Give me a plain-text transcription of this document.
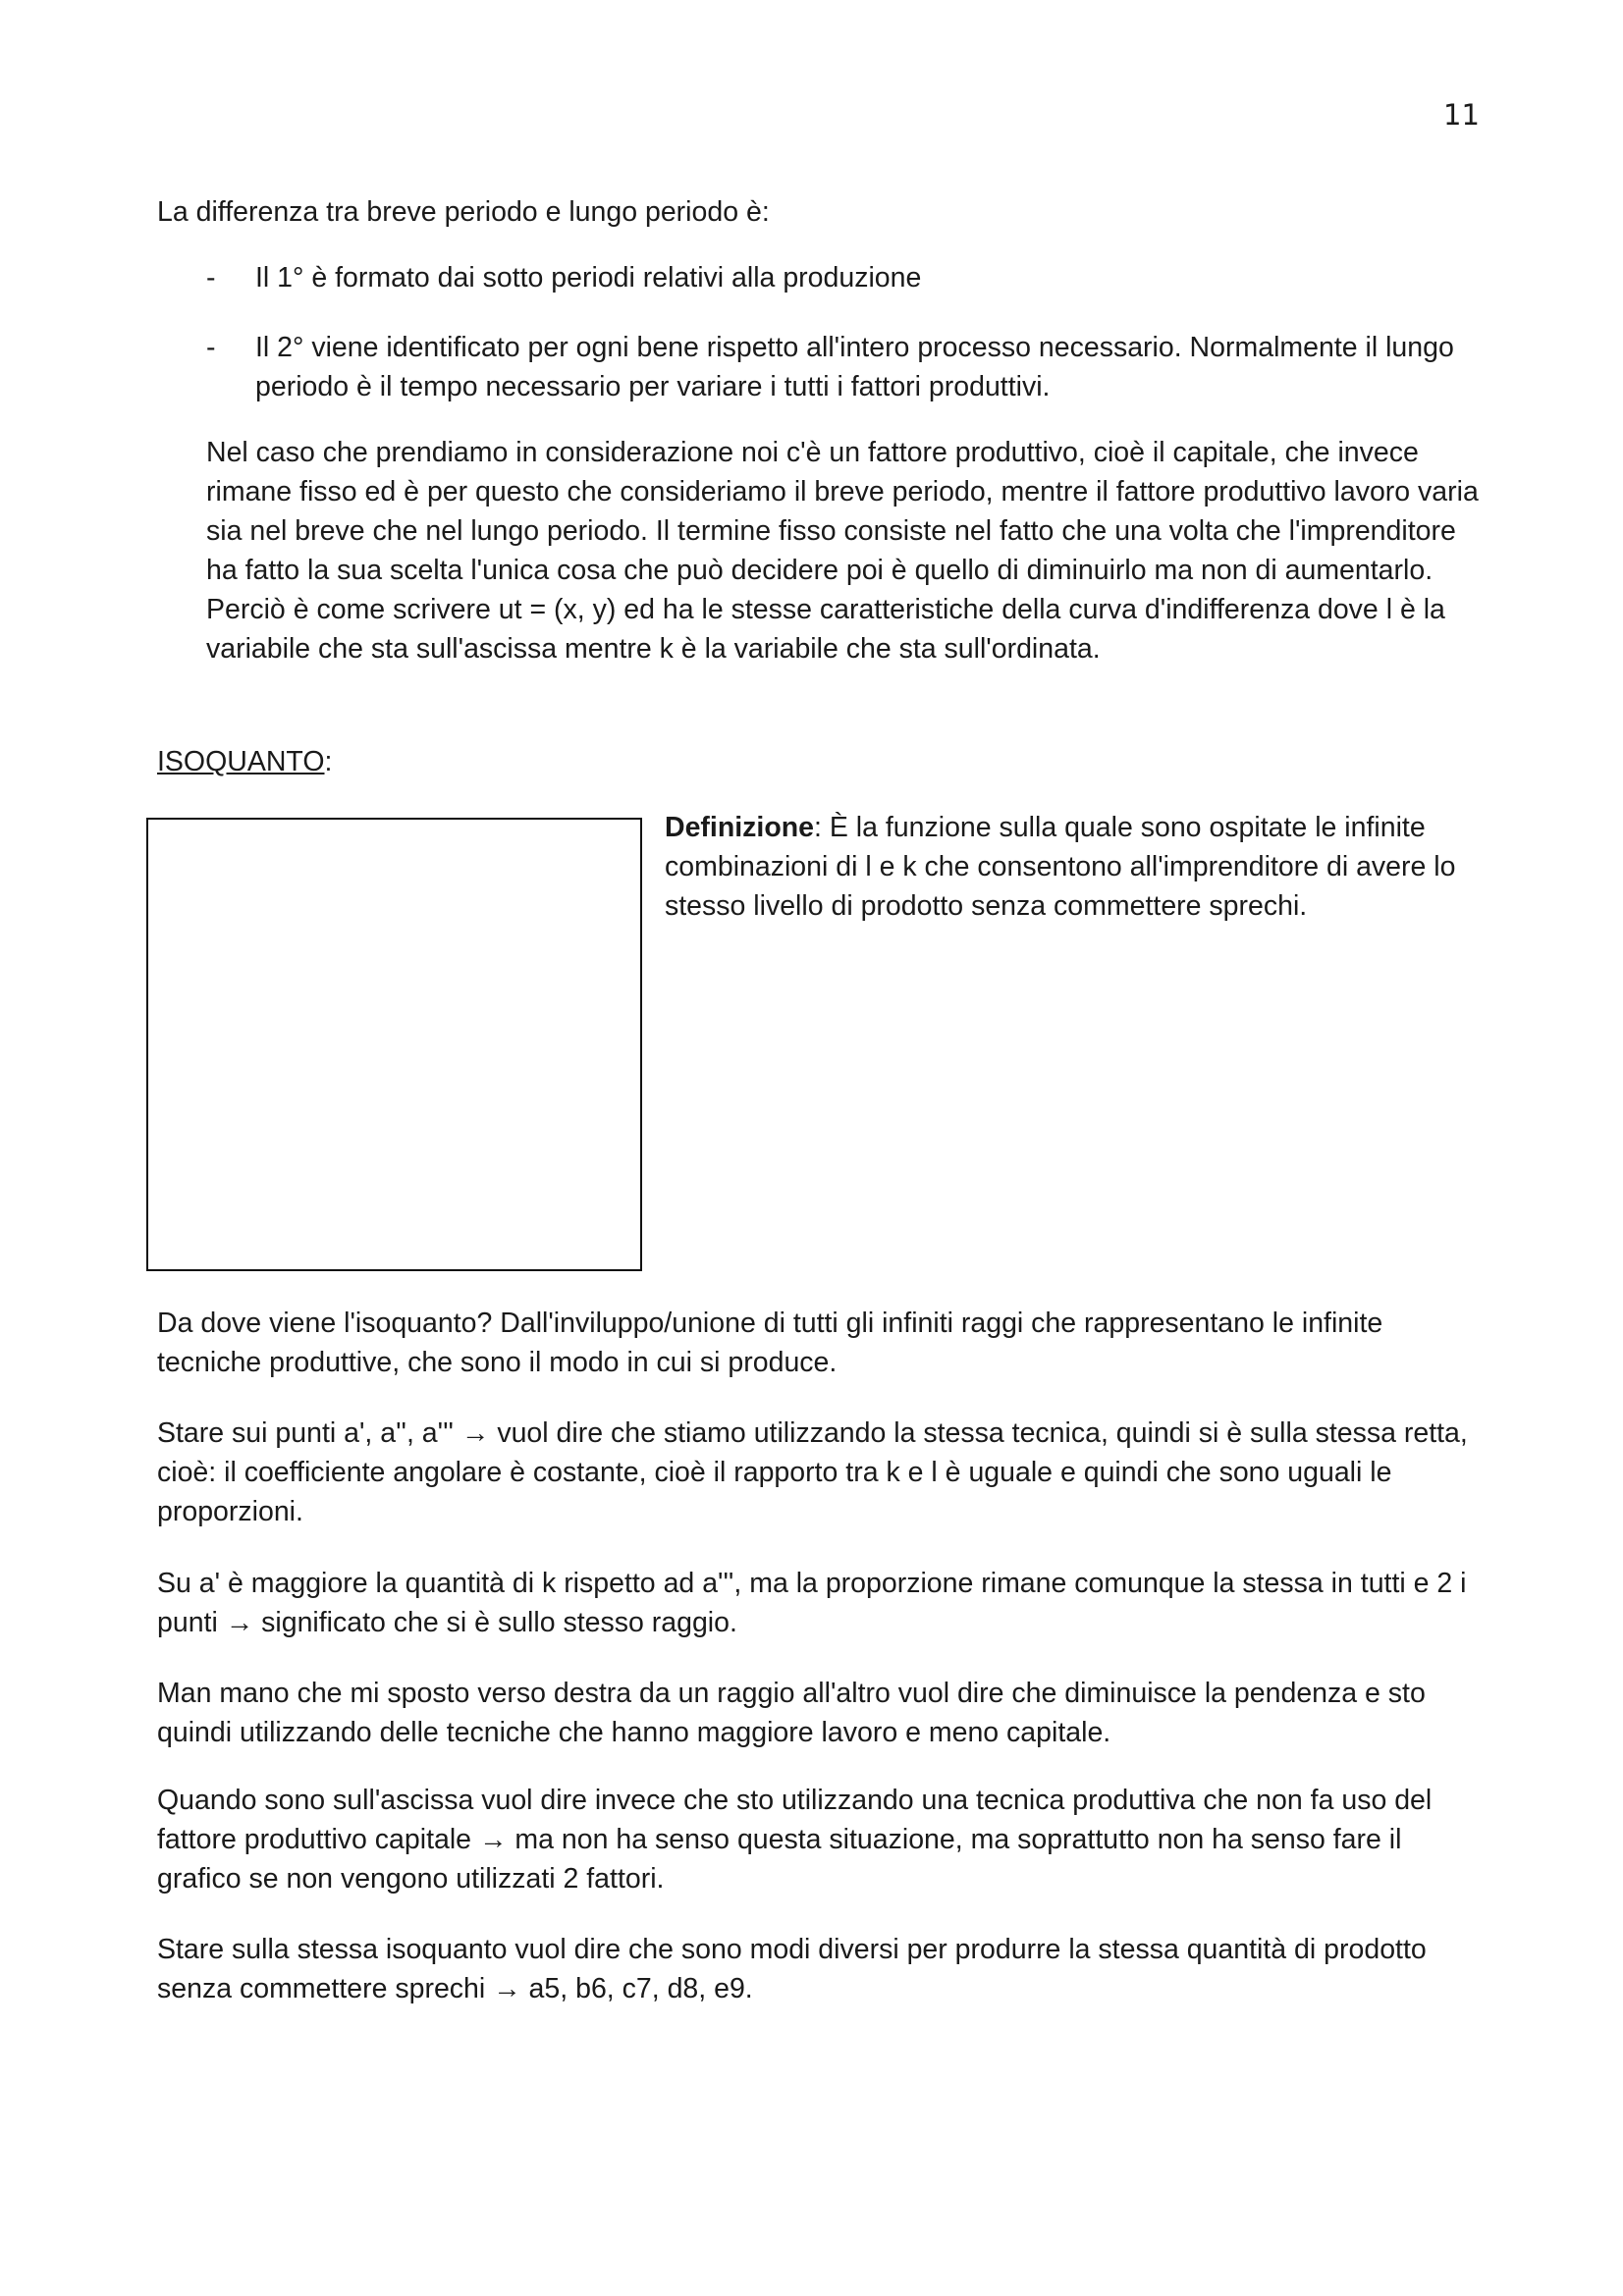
11
La differenza tra breve periodo e lungo periodo è:
- Il 1° è formato dai sotto periodi relativi alla produzione
- Il 2° viene identificato per ogni bene rispetto all'intero processo necessario. Normalmente il lungo periodo è il tempo necessario per variare i tutti i fattori produttivi.
Nel caso che prendiamo in considerazione noi c'è un fattore produttivo, cioè il capitale, che invece rimane fisso ed è per questo che consideriamo il breve periodo, mentre il fattore produttivo lavoro varia sia nel breve che nel lungo periodo. Il termine fisso consiste nel fatto che una volta che l'imprenditore ha fatto la sua scelta l'unica cosa che può decidere poi è quello di diminuirlo ma non di aumentarlo. Perciò è come scrivere ut = (x, y) ed ha le stesse caratteristiche della curva d'indifferenza dove l è la variabile che sta sull'ascissa mentre k è la variabile che sta sull'ordinata.
ISOQUANTO:
Definizione: È la funzione sulla quale sono ospitate le infinite combinazioni di l e k che consentono all'imprenditore di avere lo stesso livello di prodotto senza commettere sprechi.
Da dove viene l'isoquanto? Dall'inviluppo/unione di tutti gli infiniti raggi che rappresentano le infinite tecniche produttive, che sono il modo in cui si produce.
Stare sui punti a', a'', a''' → vuol dire che stiamo utilizzando la stessa tecnica, quindi si è sulla stessa retta, cioè: il coefficiente angolare è costante, cioè il rapporto tra k e l è uguale e quindi che sono uguali le proporzioni.
Su a' è maggiore la quantità di k rispetto ad a''', ma la proporzione rimane comunque la stessa in tutti e 2 i punti → significato che si è sullo stesso raggio.
Man mano che mi sposto verso destra da un raggio all'altro vuol dire che diminuisce la pendenza e sto quindi utilizzando delle tecniche che hanno maggiore lavoro e meno capitale.
Quando sono sull'ascissa vuol dire invece che sto utilizzando una tecnica produttiva che non fa uso del fattore produttivo capitale → ma non ha senso questa situazione, ma soprattutto non ha senso fare il grafico se non vengono utilizzati 2 fattori.
Stare sulla stessa isoquanto vuol dire che sono modi diversi per produrre la stessa quantità di prodotto senza commettere sprechi → a5, b6, c7, d8, e9.
